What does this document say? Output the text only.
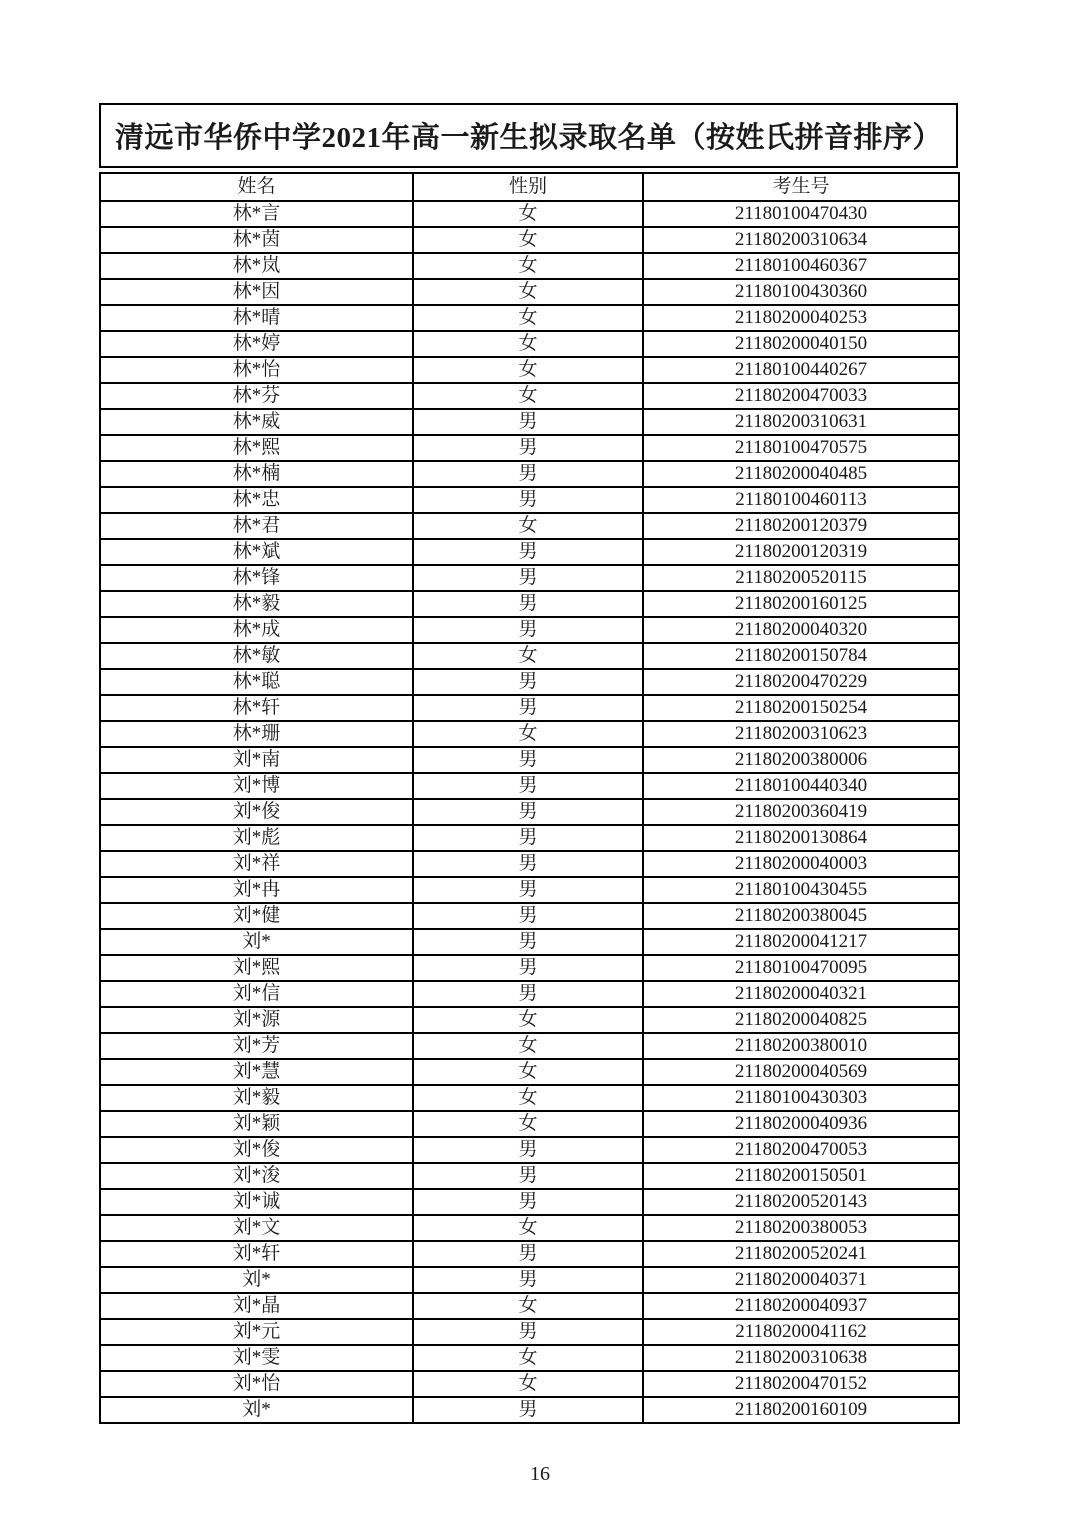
清远市华侨中学2021年高一新生拟录取名单（按姓氏拼音排序）
姓名	性别	考生号
林*言	女	21180100470430
林*茵	女	21180200310634
林*岚	女	21180100460367
林*因	女	21180100430360
林*晴	女	21180200040253
林*婷	女	21180200040150
林*怡	女	21180100440267
林*芬	女	21180200470033
林*威	男	21180200310631
林*熙	男	21180100470575
林*楠	男	21180200040485
林*忠	男	21180100460113
林*君	女	21180200120379
林*斌	男	21180200120319
林*锋	男	21180200520115
林*毅	男	21180200160125
林*成	男	21180200040320
林*敏	女	21180200150784
林*聪	男	21180200470229
林*轩	男	21180200150254
林*珊	女	21180200310623
刘*南	男	21180200380006
刘*博	男	21180100440340
刘*俊	男	21180200360419
刘*彪	男	21180200130864
刘*祥	男	21180200040003
刘*冉	男	21180100430455
刘*健	男	21180200380045
刘*	男	21180200041217
刘*熙	男	21180100470095
刘*信	男	21180200040321
刘*源	女	21180200040825
刘*芳	女	21180200380010
刘*慧	女	21180200040569
刘*毅	女	21180100430303
刘*颖	女	21180200040936
刘*俊	男	21180200470053
刘*浚	男	21180200150501
刘*诚	男	21180200520143
刘*文	女	21180200380053
刘*轩	男	21180200520241
刘*	男	21180200040371
刘*晶	女	21180200040937
刘*元	男	21180200041162
刘*雯	女	21180200310638
刘*怡	女	21180200470152
刘*	男	21180200160109
16
